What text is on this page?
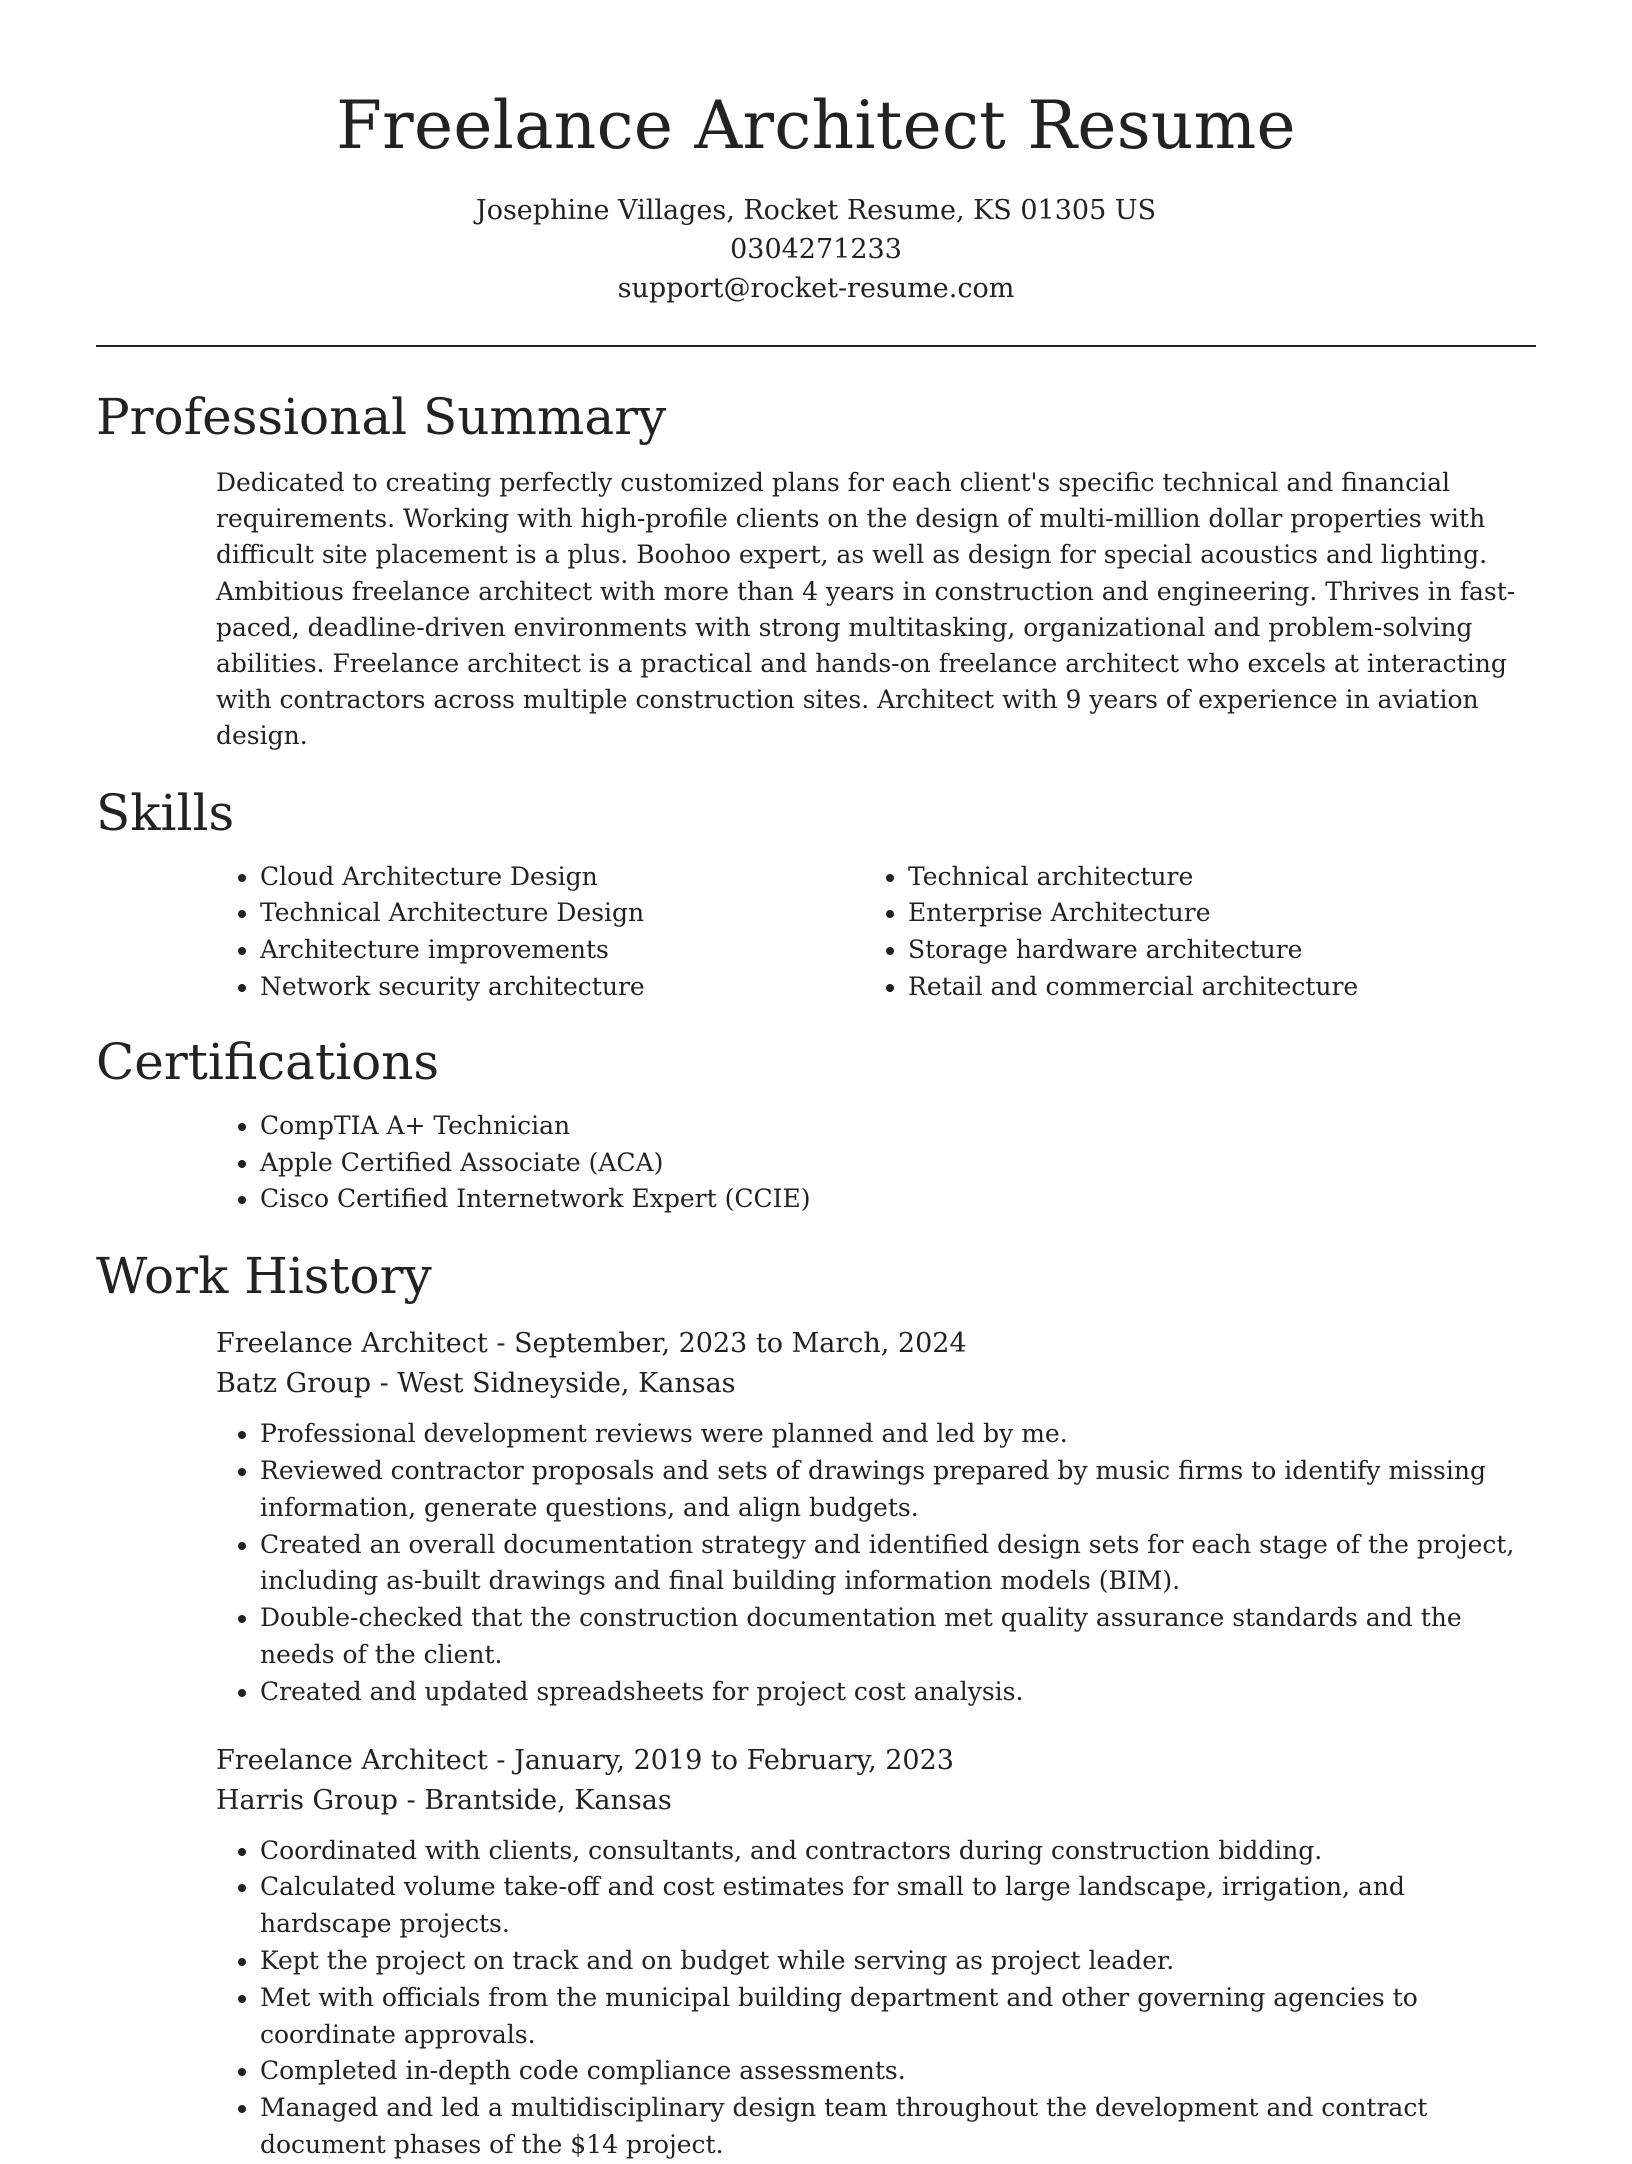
Freelance Architect Resume
Josephine Villages, Rocket Resume, KS 01305 US
0304271233
support@rocket-resume.com
Professional Summary

Dedicated to creating perfectly customized plans for each client's specific technical and financial requirements. Working with high-profile clients on the design of multi-million dollar properties with difficult site placement is a plus. Boohoo expert, as well as design for special acoustics and lighting. Ambitious freelance architect with more than 4 years in construction and engineering. Thrives in fast-paced, deadline-driven environments with strong multitasking, organizational and problem-solving abilities. Freelance architect is a practical and hands-on freelance architect who excels at interacting with contractors across multiple construction sites. Architect with 9 years of experience in aviation design.

Skills
• Cloud Architecture Design
• Technical Architecture Design
• Architecture improvements
• Network security architecture
• Technical architecture
• Enterprise Architecture
• Storage hardware architecture
• Retail and commercial architecture
Certifications
• CompTIA A+ Technician
• Apple Certified Associate (ACA)
• Cisco Certified Internetwork Expert (CCIE)
Work History
Freelance Architect - September, 2023 to March, 2024
Batz Group - West Sidneyside, Kansas
• Professional development reviews were planned and led by me.
• Reviewed contractor proposals and sets of drawings prepared by music firms to identify missing information, generate questions, and align budgets.
• Created an overall documentation strategy and identified design sets for each stage of the project, including as-built drawings and final building information models (BIM).
• Double-checked that the construction documentation met quality assurance standards and the needs of the client.
• Created and updated spreadsheets for project cost analysis.
Freelance Architect - January, 2019 to February, 2023
Harris Group - Brantside, Kansas
• Coordinated with clients, consultants, and contractors during construction bidding.
• Calculated volume take-off and cost estimates for small to large landscape, irrigation, and hardscape projects.
• Kept the project on track and on budget while serving as project leader.
• Met with officials from the municipal building department and other governing agencies to coordinate approvals.
• Completed in-depth code compliance assessments.
• Managed and led a multidisciplinary design team throughout the development and contract document phases of the $14 project.
